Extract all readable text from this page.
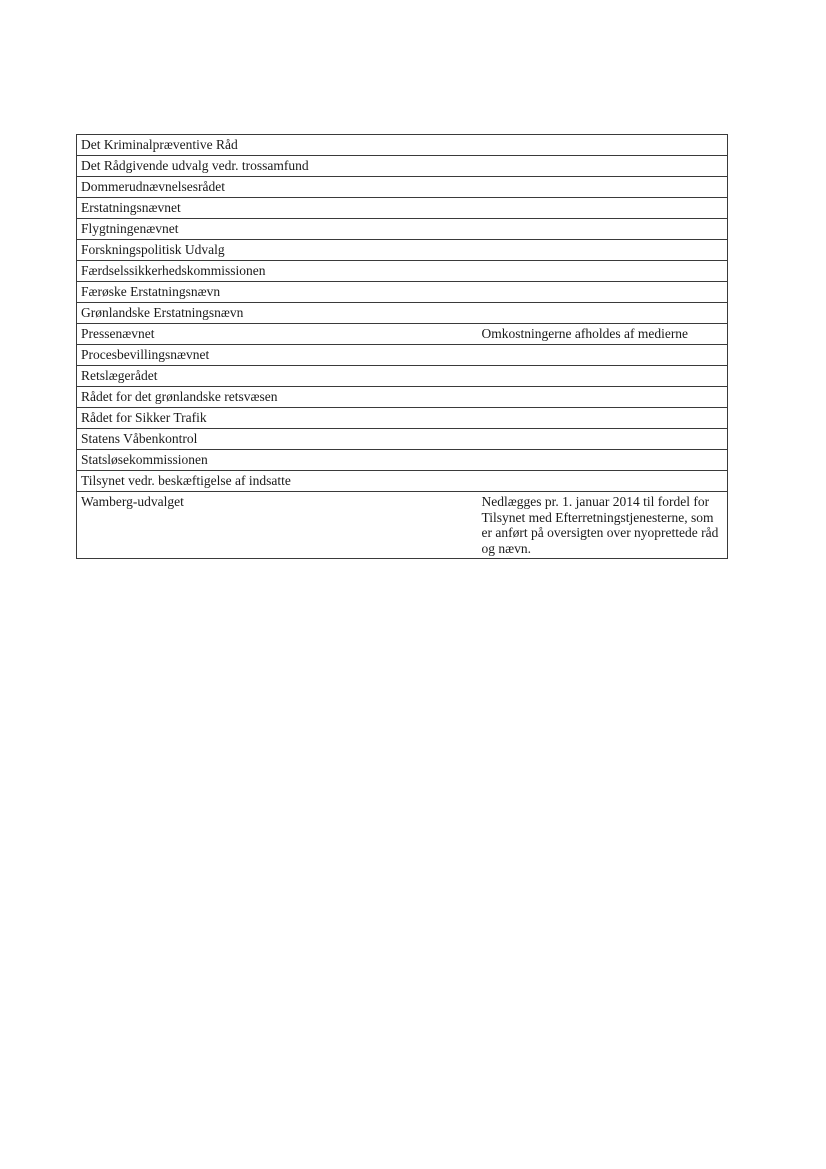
Det Kriminalpræventive Råd	
Det Rådgivende udvalg vedr. trossamfund	
Dommerudnævnelsesrådet	
Erstatningsnævnet	
Flygtningenævnet	
Forskningspolitisk Udvalg	
Færdselssikkerhedskommissionen	
Færøske Erstatningsnævn	
Grønlandske Erstatningsnævn	
Pressenævnet	Omkostningerne afholdes af medierne
Procesbevillingsnævnet	
Retslægerådet	
Rådet for det grønlandske retsvæsen	
Rådet for Sikker Trafik	
Statens Våbenkontrol	
Statsløsekommissionen	
Tilsynet vedr. beskæftigelse af indsatte	
Wamberg-udvalget	Nedlægges pr. 1. januar 2014 til fordel for Tilsynet med Efterretningstjenesterne, som er anført på oversigten over nyoprettede råd og nævn.
